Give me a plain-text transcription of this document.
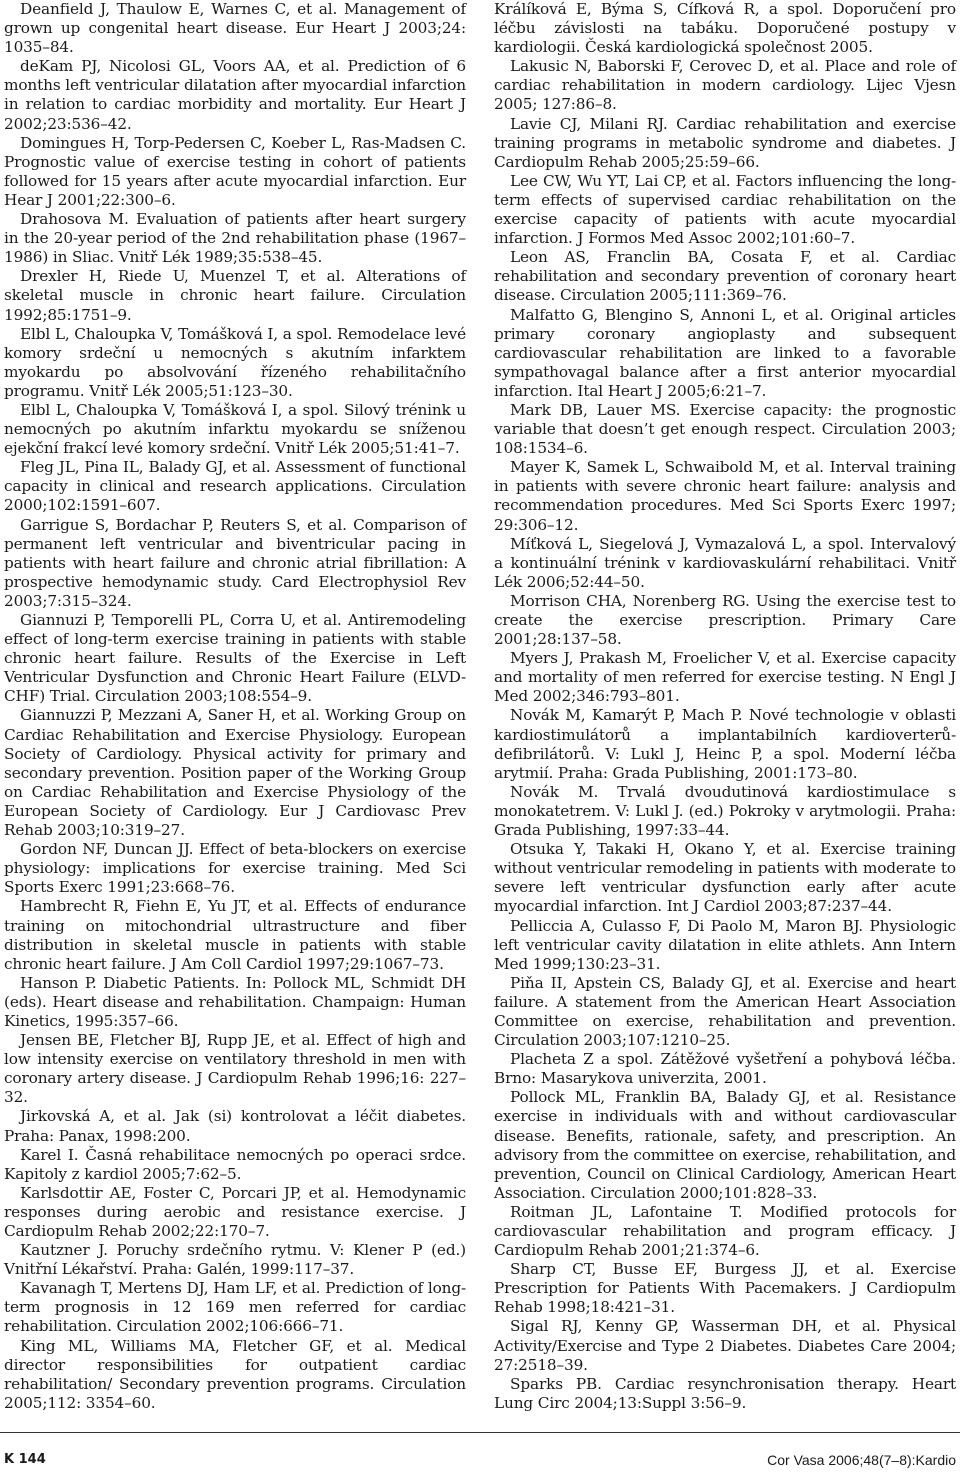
Deanfield J, Thaulow E, Warnes C, et al. Management of grown up congenital heart disease. Eur Heart J 2003;24: 1035–84.

deKam PJ, Nicolosi GL, Voors AA, et al. Prediction of 6 months left ventricular dilatation after myocardial infarction in relation to cardiac morbidity and mortality. Eur Heart J 2002;23:536–42.

Domingues H, Torp-Pedersen C, Koeber L, Ras-Madsen C. Prognostic value of exercise testing in cohort of patients followed for 15 years after acute myocardial infarction. Eur Hear J 2001;22:300–6.

Drahosova M. Evaluation of patients after heart surgery in the 20-year period of the 2nd rehabilitation phase (1967–1986) in Sliac. Vnitř Lék 1989;35:538–45.

Drexler H, Riede U, Muenzel T, et al. Alterations of skeletal muscle in chronic heart failure. Circulation 1992;85:1751–9.

Elbl L, Chaloupka V, Tomášková I, a spol. Remodelace levé komory srdeční u nemocných s akutním infarktem myokardu po absolvování řízeného rehabilitačního programu. Vnitř Lék 2005;51:123–30.

Elbl L, Chaloupka V, Tomášková I, a spol. Silový trénink u nemocných po akutním infarktu myokardu se sníženou ejekční frakcí levé komory srdeční. Vnitř Lék 2005;51:41–7.

Fleg JL, Pina IL, Balady GJ, et al. Assessment of functional capacity in clinical and research applications. Circulation 2000;102:1591–607.

Garrigue S, Bordachar P, Reuters S, et al. Comparison of permanent left ventricular and biventricular pacing in patients with heart failure and chronic atrial fibrillation: A prospective hemodynamic study. Card Electrophysiol Rev 2003;7:315–324.

Giannuzi P, Temporelli PL, Corra U, et al. Antiremodeling effect of long-term exercise training in patients with stable chronic heart failure. Results of the Exercise in Left Ventricular Dysfunction and Chronic Heart Failure (ELVD-CHF) Trial. Circulation 2003;108:554–9.

Giannuzzi P, Mezzani A, Saner H, et al. Working Group on Cardiac Rehabilitation and Exercise Physiology. European Society of Cardiology. Physical activity for primary and secondary prevention. Position paper of the Working Group on Cardiac Rehabilitation and Exercise Physiology of the European Society of Cardiology. Eur J Cardiovasc Prev Rehab 2003;10:319–27.

Gordon NF, Duncan JJ. Effect of beta-blockers on exercise physiology: implications for exercise training. Med Sci Sports Exerc 1991;23:668–76.

Hambrecht R, Fiehn E, Yu JT, et al. Effects of endurance training on mitochondrial ultrastructure and fiber distribution in skeletal muscle in patients with stable chronic heart failure. J Am Coll Cardiol 1997;29:1067–73.

Hanson P. Diabetic Patients. In: Pollock ML, Schmidt DH (eds). Heart disease and rehabilitation. Champaign: Human Kinetics, 1995:357–66.

Jensen BE, Fletcher BJ, Rupp JE, et al. Effect of high and low intensity exercise on ventilatory threshold in men with coronary artery disease. J Cardiopulm Rehab 1996;16: 227–32.

Jirkovská A, et al. Jak (si) kontrolovat a léčit diabetes. Praha: Panax, 1998:200.

Karel I. Časná rehabilitace nemocných po operaci srdce. Kapitoly z kardiol 2005;7:62–5.

Karlsdottir AE, Foster C, Porcari JP, et al. Hemodynamic responses during aerobic and resistance exercise. J Cardiopulm Rehab 2002;22:170–7.

Kautzner J. Poruchy srdečního rytmu. V: Klener P (ed.) Vnitřní Lékařství. Praha: Galén, 1999:117–37.

Kavanagh T, Mertens DJ, Ham LF, et al. Prediction of long-term prognosis in 12 169 men referred for cardiac rehabilitation. Circulation 2002;106:666–71.

King ML, Williams MA, Fletcher GF, et al. Medical director responsibilities for outpatient cardiac rehabilitation/ Secondary prevention programs. Circulation 2005;112: 3354–60.

Králíková E, Býma S, Cífková R, a spol. Doporučení pro léčbu závislosti na tabáku. Doporučené postupy v kardiologii. Česká kardiologická společnost 2005.

Lakusic N, Baborski F, Cerovec D, et al. Place and role of cardiac rehabilitation in modern cardiology. Lijec Vjesn 2005; 127:86–8.

Lavie CJ, Milani RJ. Cardiac rehabilitation and exercise training programs in metabolic syndrome and diabetes. J Cardiopulm Rehab 2005;25:59–66.

Lee CW, Wu YT, Lai CP, et al. Factors influencing the long-term effects of supervised cardiac rehabilitation on the exercise capacity of patients with acute myocardial infarction. J Formos Med Assoc 2002;101:60–7.

Leon AS, Franclin BA, Cosata F, et al. Cardiac rehabilitation and secondary prevention of coronary heart disease. Circulation 2005;111:369–76.

Malfatto G, Blengino S, Annoni L, et al. Original articles primary coronary angioplasty and subsequent cardiovascular rehabilitation are linked to a favorable sympathovagal balance after a first anterior myocardial infarction. Ital Heart J 2005;6:21–7.

Mark DB, Lauer MS. Exercise capacity: the prognostic variable that doesn’t get enough respect. Circulation 2003; 108:1534–6.

Mayer K, Samek L, Schwaibold M, et al. Interval training in patients with severe chronic heart failure: analysis and recommendation procedures. Med Sci Sports Exerc 1997; 29:306–12.

Míťková L, Siegelová J, Vymazalová L, a spol. Intervalový a kontinuální trénink v kardiovaskulární rehabilitaci. Vnitř Lék 2006;52:44–50.

Morrison CHA, Norenberg RG. Using the exercise test to create the exercise prescription. Primary Care 2001;28:137–58.

Myers J, Prakash M, Froelicher V, et al. Exercise capacity and mortality of men referred for exercise testing. N Engl J Med 2002;346:793–801.

Novák M, Kamarýt P, Mach P. Nové technologie v oblasti kardiostimulátorů a implantabilních kardioverterů-defibrilátorů. V: Lukl J, Heinc P, a spol. Moderní léčba arytmií. Praha: Grada Publishing, 2001:173–80.

Novák M. Trvalá dvoudutinová kardiostimulace s monokatetrem. V: Lukl J. (ed.) Pokroky v arytmologii. Praha: Grada Publishing, 1997:33–44.

Otsuka Y, Takaki H, Okano Y, et al. Exercise training without ventricular remodeling in patients with moderate to severe left ventricular dysfunction early after acute myocardial infarction. Int J Cardiol 2003;87:237–44.

Pelliccia A, Culasso F, Di Paolo M, Maron BJ. Physiologic left ventricular cavity dilatation in elite athlets. Ann Intern Med 1999;130:23–31.

Piňa II, Apstein CS, Balady GJ, et al. Exercise and heart failure. A statement from the American Heart Association Committee on exercise, rehabilitation and prevention. Circulation 2003;107:1210–25.

Placheta Z a spol. Zátěžové vyšetření a pohybová léčba. Brno: Masarykova univerzita, 2001.

Pollock ML, Franklin BA, Balady GJ, et al. Resistance exercise in individuals with and without cardiovascular disease. Benefits, rationale, safety, and prescription. An advisory from the committee on exercise, rehabilitation, and prevention, Council on Clinical Cardiology, American Heart Association. Circulation 2000;101:828–33.

Roitman JL, Lafontaine T. Modified protocols for cardiovascular rehabilitation and program efficacy. J Cardiopulm Rehab 2001;21:374–6.

Sharp CT, Busse EF, Burgess JJ, et al. Exercise Prescription for Patients With Pacemakers. J Cardiopulm Rehab 1998;18:421–31.

Sigal RJ, Kenny GP, Wasserman DH, et al. Physical Activity/Exercise and Type 2 Diabetes. Diabetes Care 2004; 27:2518–39.

Sparks PB. Cardiac resynchronisation therapy. Heart Lung Circ 2004;13:Suppl 3:56–9.

K 144	Cor Vasa 2006;48(7–8):Kardio
